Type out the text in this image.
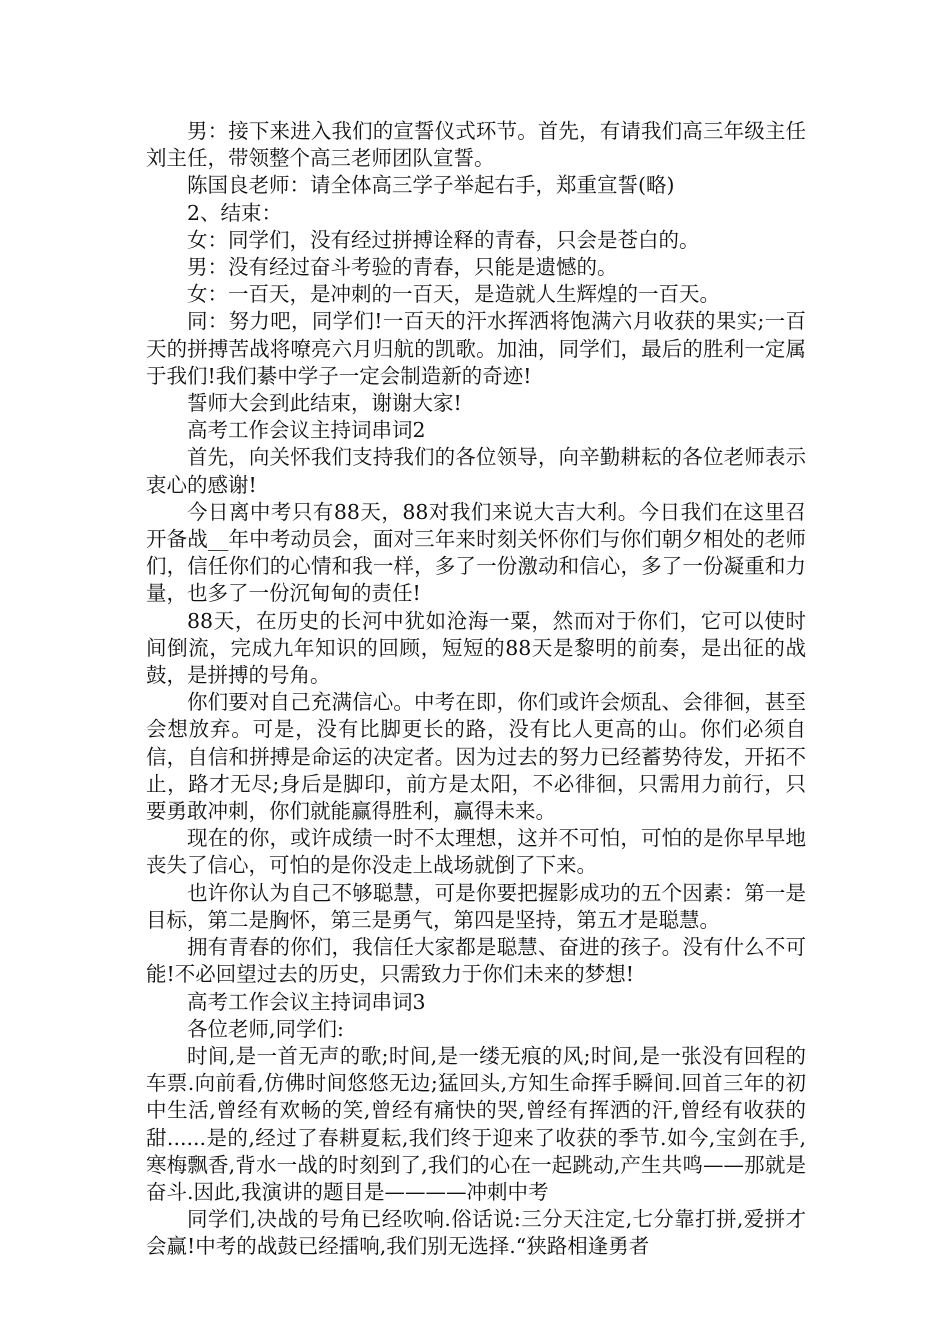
男：接下来进入我们的宣誓仪式环节。首先，有请我们高三年级主任刘主任，带领整个高三老师团队宣誓。

陈国良老师：请全体高三学子举起右手，郑重宣誓(略)

2、结束：

女：同学们，没有经过拼搏诠释的青春，只会是苍白的。

男：没有经过奋斗考验的青春，只能是遗憾的。

女：一百天，是冲刺的一百天，是造就人生辉煌的一百天。

同：努力吧，同学们!一百天的汗水挥洒将饱满六月收获的果实;一百天的拼搏苦战将嘹亮六月归航的凯歌。加油，同学们，最后的胜利一定属于我们!我们綦中学子一定会制造新的奇迹!

誓师大会到此结束，谢谢大家!

高考工作会议主持词串词2

首先，向关怀我们支持我们的各位领导，向辛勤耕耘的各位老师表示衷心的感谢!

今日离中考只有88天，88对我们来说大吉大利。今日我们在这里召开备战__年中考动员会，面对三年来时刻关怀你们与你们朝夕相处的老师们，信任你们的心情和我一样，多了一份激动和信心，多了一份凝重和力量，也多了一份沉甸甸的责任!

88天，在历史的长河中犹如沧海一粟，然而对于你们，它可以使时间倒流，完成九年知识的回顾，短短的88天是黎明的前奏，是出征的战鼓，是拼搏的号角。

你们要对自己充满信心。中考在即，你们或许会烦乱、会徘徊，甚至会想放弃。可是，没有比脚更长的路，没有比人更高的山。你们必须自信，自信和拼搏是命运的决定者。因为过去的努力已经蓄势待发，开拓不止，路才无尽;身后是脚印，前方是太阳，不必徘徊，只需用力前行，只要勇敢冲刺，你们就能赢得胜利，赢得未来。

现在的你，或许成绩一时不太理想，这并不可怕，可怕的是你早早地丧失了信心，可怕的是你没走上战场就倒了下来。

也许你认为自己不够聪慧，可是你要把握影成功的五个因素：第一是目标，第二是胸怀，第三是勇气，第四是坚持，第五才是聪慧。

拥有青春的你们，我信任大家都是聪慧、奋进的孩子。没有什么不可能!不必回望过去的历史，只需致力于你们未来的梦想!

高考工作会议主持词串词3

各位老师,同学们:

时间,是一首无声的歌;时间,是一缕无痕的风;时间,是一张没有回程的车票.向前看,仿佛时间悠悠无边;猛回头,方知生命挥手瞬间.回首三年的初中生活,曾经有欢畅的笑,曾经有痛快的哭,曾经有挥洒的汗,曾经有收获的甜......是的,经过了春耕夏耘,我们终于迎来了收获的季节.如今,宝剑在手,寒梅飘香,背水一战的时刻到了,我们的心在一起跳动,产生共鸣——那就是奋斗.因此,我演讲的题目是————冲刺中考

同学们,决战的号角已经吹响.俗话说:三分天注定,七分靠打拼,爱拼才会赢!中考的战鼓已经擂响,我们别无选择.“狭路相逢勇者
